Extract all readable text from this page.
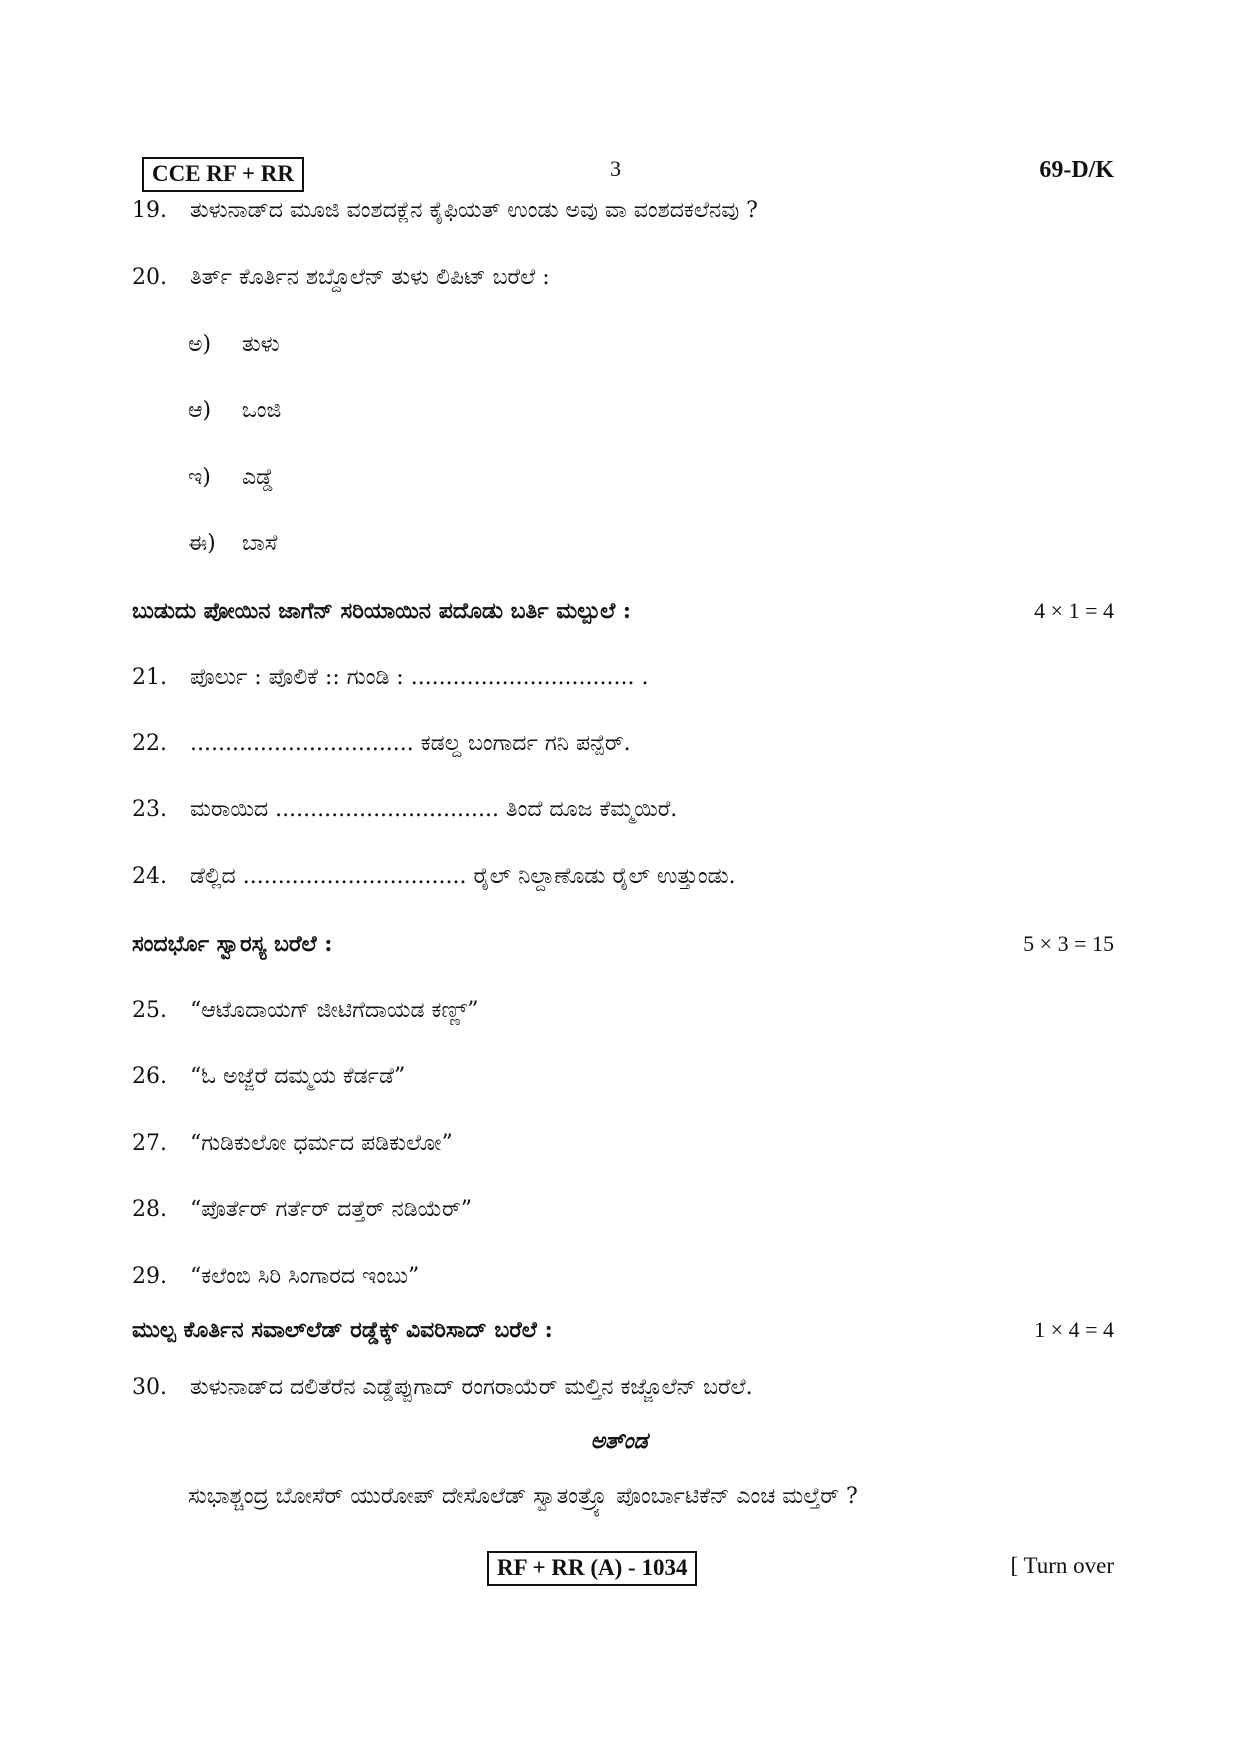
CCE RF + RR	3	69-D/K
19. ತುಳುನಾಡ್‌ದ ಮೂಜಿ ವಂಶದಕ್ಲೆನ ಕೈಫಿಯತ್ ಉಂಡು ಅವು ವಾ ವಂಶದಕಲೆನವು ?
20. ತಿರ್ತ್ ಕೊರ್ತಿನ ಶಬ್ದೊಲೆನ್ ತುಳು ಲಿಪಿಟ್ ಬರೆಲೆ :
ಅ) ತುಳು
ಆ) ಒಂಜಿ
ಇ) ಎಡ್ಡೆ
ಈ) ಬಾಸೆ
ಬುಡುದು ಪೋಯಿನ ಜಾಗೆನ್ ಸರಿಯಾಯಿನ ಪದೊಡು ಬರ್ತಿ ಮಲ್ಪುಲೆ :	4 × 1 = 4
21. ಪೊರ್ಲು : ಪೊಲಿಕೆ :: ಗುಂಡಿ : ................................ .
22. ................................ ಕಡಲ್ದ ಬಂಗಾರ್ದ ಗನಿ ಪನ್ಪೆರ್.
23. ಮರಾಯಿದ ................................ ತಿಂದೆ ದೂಜ ಕೆಮ್ಮಯಿರೆ.
24. ಡೆಲ್ಲಿದ ................................ ರೈಲ್ ನಿಲ್ದಾಣೊಡು ರೈಲ್ ಉತ್ತುಂಡು.
ಸಂದರ್ಭೊ ಸ್ವಾರಸ್ಯ ಬರೆಲೆ :	5 × 3 = 15
25. “ಆಟೊದಾಯಗ್ ಜೀಟಿಗೆದಾಯಡ ಕಣ್ಣ್”
26. “ಓ ಅಜ್ಜೆರೆ ದಮ್ಮಯ ಕೆರ್ಡಡೆ”
27. “ಗುಡಿಕುಲೋ ಧರ್ಮದ ಪಡಿಕುಲೋ”
28. “ಪೊರ್ತೆರ್ ಗರ್ತೆರ್ ದತ್ತೆರ್ ನಡಿಯೆರ್”
29. “ಕಲೆಂಬಿ ಸಿರಿ ಸಿಂಗಾರದ ಇಂಬು”
ಮುಲ್ಪ ಕೊರ್ತಿನ ಸವಾಲ್‌ಲೆಡ್ ರಡ್ಡೆಕ್ಕ್ ವಿವರಿಸಾದ್ ಬರೆಲೆ :	1 × 4 = 4
30. ತುಳುನಾಡ್‌ದ ದಲಿತೆರೆನ ಎಡ್ಡೆಪ್ಪುಗಾದ್ ರಂಗರಾಯೆರ್ ಮಲ್ತಿನ ಕಜ್ಜೊಲೆನ್ ಬರೆಲೆ.
ಅತ್ಂಡ
ಸುಭಾಶ್ಚಂದ್ರ ಬೋಸೆರ್ ಯುರೋಪ್ ದೇಸೊಲೆಡ್ ಸ್ವಾತಂತ್ರ್ಯೊ ಪೊಂರ್ಬಾಟಿಕೆನ್ ಎಂಚ ಮಲ್ತೆರ್ ?
RF + RR (A) - 1034	[ Turn over
